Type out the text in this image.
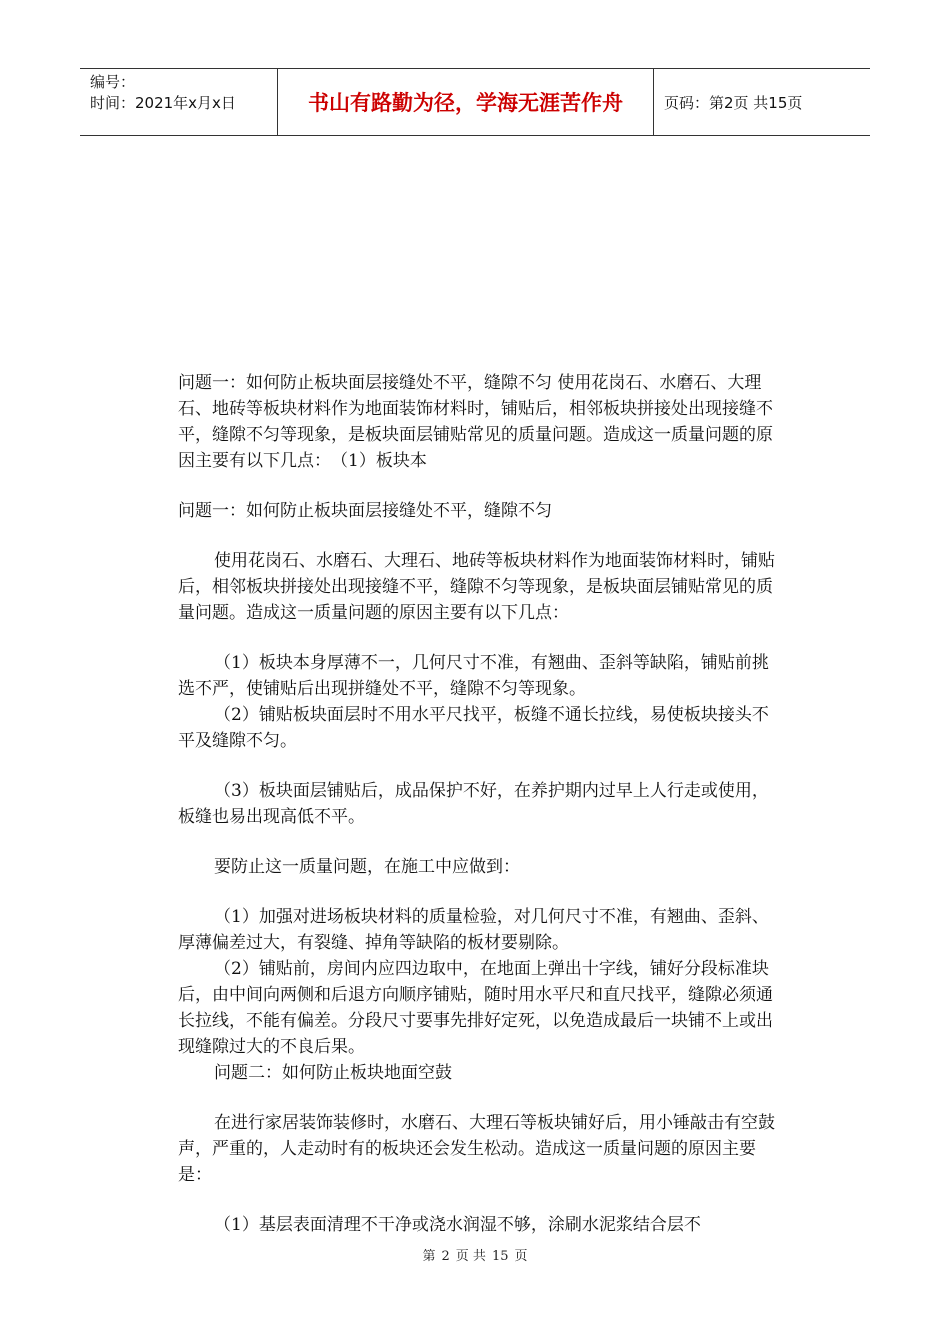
编号：
时间：2021年x月x日	书山有路勤为径，学海无涯苦作舟	页码：第2页 共15页

问题一：如何防止板块面层接缝处不平，缝隙不匀 使用花岗石、水磨石、大理石、地砖等板块材料作为地面装饰材料时，铺贴后，相邻板块拼接处出现接缝不平，缝隙不匀等现象，是板块面层铺贴常见的质量问题。造成这一质量问题的原因主要有以下几点：　（1）板块本

问题一：如何防止板块面层接缝处不平，缝隙不匀

使用花岗石、水磨石、大理石、地砖等板块材料作为地面装饰材料时，铺贴后，相邻板块拼接处出现接缝不平，缝隙不匀等现象，是板块面层铺贴常见的质量问题。造成这一质量问题的原因主要有以下几点：

（1）板块本身厚薄不一，几何尺寸不准，有翘曲、歪斜等缺陷，铺贴前挑选不严，使铺贴后出现拼缝处不平，缝隙不匀等现象。

（2）铺贴板块面层时不用水平尺找平，板缝不通长拉线，易使板块接头不平及缝隙不匀。

（3）板块面层铺贴后，成品保护不好，在养护期内过早上人行走或使用，板缝也易出现高低不平。

要防止这一质量问题，在施工中应做到：

（1）加强对进场板块材料的质量检验，对几何尺寸不准，有翘曲、歪斜、厚薄偏差过大，有裂缝、掉角等缺陷的板材要剔除。

（2）铺贴前，房间内应四边取中，在地面上弹出十字线，铺好分段标准块后，由中间向两侧和后退方向顺序铺贴，随时用水平尺和直尺找平，缝隙必须通长拉线，不能有偏差。分段尺寸要事先排好定死，以免造成最后一块铺不上或出现缝隙过大的不良后果。

问题二：如何防止板块地面空鼓

在进行家居装饰装修时，水磨石、大理石等板块铺好后，用小锤敲击有空鼓声，严重的，人走动时有的板块还会发生松动。造成这一质量问题的原因主要是：

（1）基层表面清理不干净或浇水润湿不够，涂刷水泥浆结合层不

第 2 页 共 15 页
